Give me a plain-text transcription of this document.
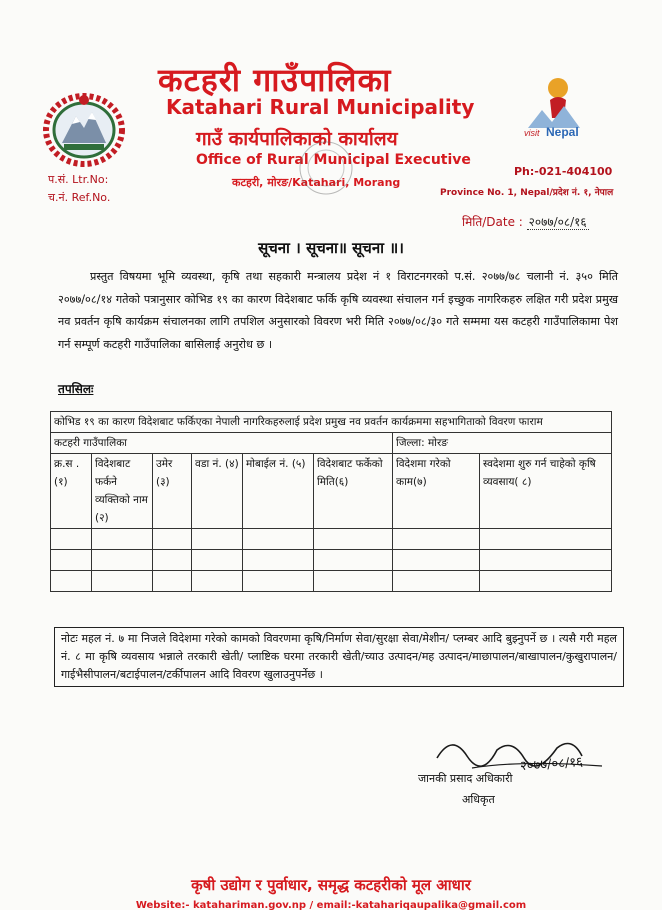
प.सं. Ltr.No:
च.नं. Ref.No.
कटहरी गाउँपालिका
Katahari Rural Municipality
गाउँ कार्यपालिकाको कार्यालय
Office of Rural Municipal Executive
कटहरी, मोरङ/Katahari, Morang
visit Nepal
Ph:-021-404100
Province No. 1, Nepal/प्रदेश नं. १, नेपाल
मिति/Date : २०७७/०८/१६
सूचना । सूचना॥ सूचना ॥।
प्रस्तुत विषयमा भूमि व्यवस्था, कृषि तथा सहकारी मन्त्रालय प्रदेश नं १ विराटनगरको प.सं. २०७७/७८ चलानी नं. ३५० मिति २०७७/०८/१४ गतेको पत्रानुसार कोभिड १९ का कारण विदेशबाट फर्कि कृषि व्यवस्था संचालन गर्न इच्छुक नागरिकहरु लक्षित गरी प्रदेश प्रमुख नव प्रवर्तन कृषि कार्यक्रम संचालनका लागि तपशिल अनुसारको विवरण भरी मिति २०७७/०८/३० गते सम्ममा यस कटहरी गाउँपालिकामा पेश गर्न सम्पूर्ण कटहरी गाउँपालिका बासिलाई अनुरोध छ ।
तपसिलः
कोभिड १९ का कारण विदेशबाट फर्किएका नेपाली नागरिकहरुलाई प्रदेश प्रमुख नव प्रवर्तन कार्यक्रममा सहभागिताको विवरण फाराम							
कटहरी गाउँपालिका						जिल्ला: मोरङ	
क्र.स .(१)	विदेशबाट फर्कने व्यक्तिको नाम (२)	उमेर (३)	वडा नं. (४)	मोबाईल नं. (५)	विदेशबाट फर्केको मिति(६)	विदेशमा गरेको काम(७)	स्वदेशमा शुरु गर्न चाहेको कृषि व्यवसाय( ८)

नोटः महल नं. ७ मा निजले विदेशमा गरेको कामको विवरणमा कृषि/निर्माण सेवा/सुरक्षा सेवा/मेशीन/ प्लम्बर आदि बुझ्नुपर्ने छ । त्यसै गरी महल नं. ८ मा कृषि व्यवसाय भन्नाले तरकारी खेती/ प्लाष्टिक घरमा तरकारी खेती/च्याउ उत्पादन/मह उत्पादन/माछापालन/बाखापालन/कुखुरापालन/गाईभैसीपालन/बटाईपालन/टर्कीपालन आदि विवरण खुलाउनुपर्नेछ ।
२०७७/०८/१६
जानकी प्रसाद अधिकारी
अधिकृत
कृषी उद्योग र पुर्वाधार, समृद्ध कटहरीको मूल आधार
Website:- katahariman.gov.np / email:-katahariqaupalika@gmail.com
